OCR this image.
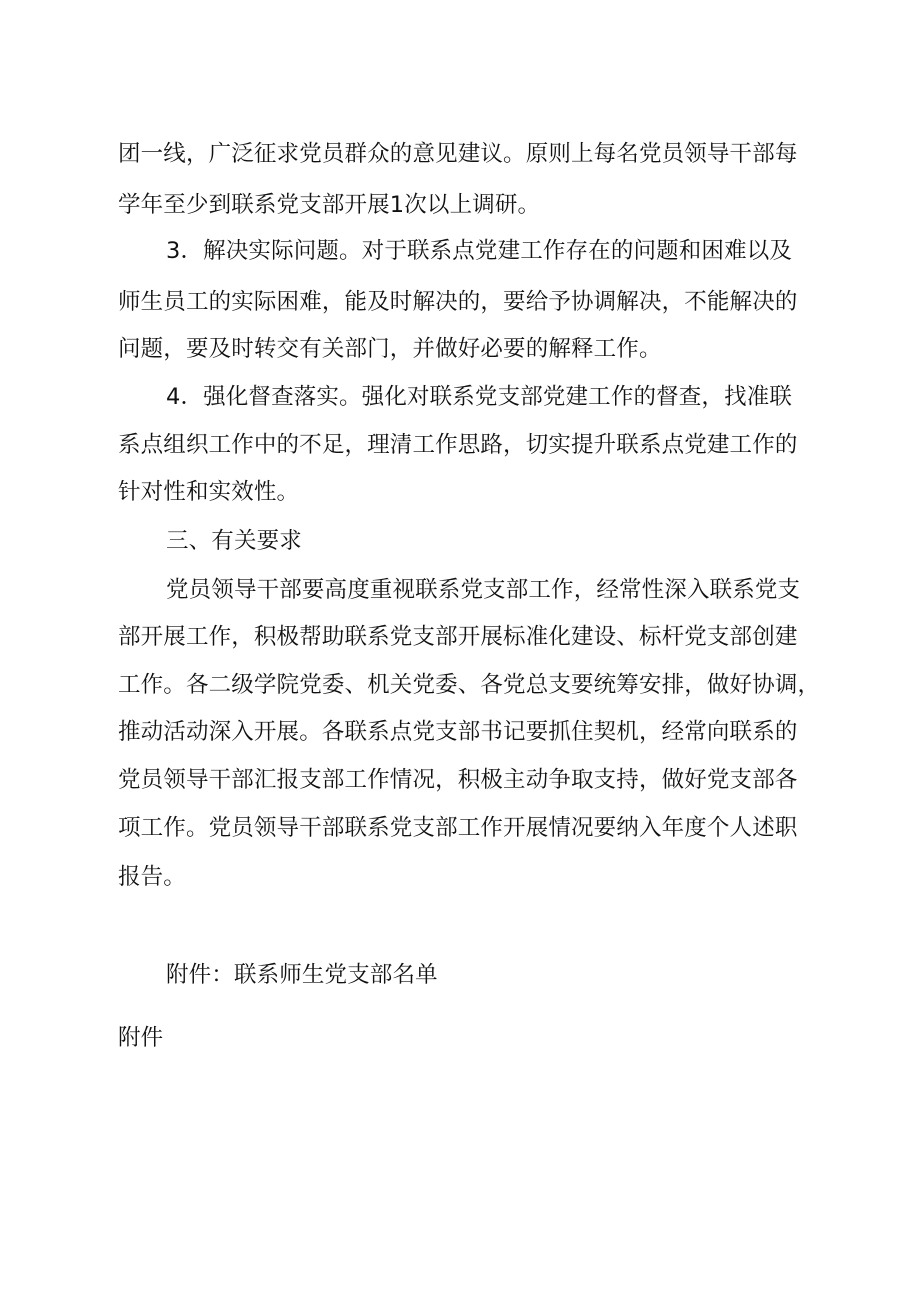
团一线，广泛征求党员群众的意见建议。原则上每名党员领导干部每
学年至少到联系党支部开展1次以上调研。
3．解决实际问题。对于联系点党建工作存在的问题和困难以及
师生员工的实际困难，能及时解决的，要给予协调解决，不能解决的
问题，要及时转交有关部门，并做好必要的解释工作。
4．强化督查落实。强化对联系党支部党建工作的督查，找准联
系点组织工作中的不足，理清工作思路，切实提升联系点党建工作的
针对性和实效性。
三、有关要求
党员领导干部要高度重视联系党支部工作，经常性深入联系党支
部开展工作，积极帮助联系党支部开展标准化建设、标杆党支部创建
工作。各二级学院党委、机关党委、各党总支要统筹安排，做好协调，
推动活动深入开展。各联系点党支部书记要抓住契机，经常向联系的
党员领导干部汇报支部工作情况，积极主动争取支持，做好党支部各
项工作。党员领导干部联系党支部工作开展情况要纳入年度个人述职
报告。
附件：联系师生党支部名单
附件
